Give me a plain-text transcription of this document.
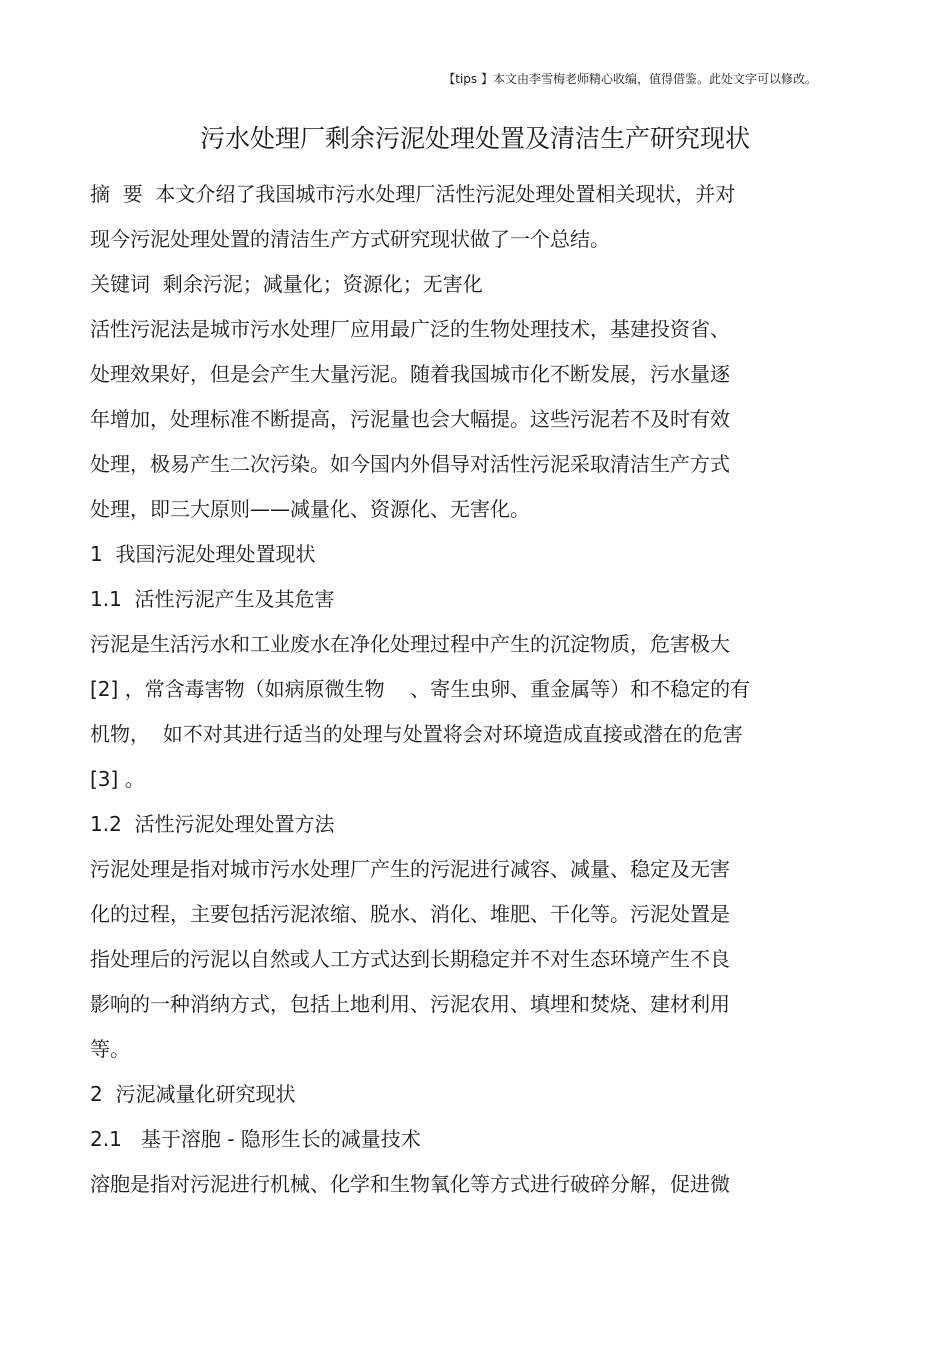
【tips 】本文由李雪梅老师精心收编，值得借鉴。此处文字可以修改。
污水处理厂剩余污泥处理处置及清洁生产研究现状
摘  要  本文介绍了我国城市污水处理厂活性污泥处理处置相关现状，并对
现今污泥处理处置的清洁生产方式研究现状做了一个总结。
关键词  剩余污泥；减量化；资源化；无害化
活性污泥法是城市污水处理厂应用最广泛的生物处理技术，基建投资省、
处理效果好，但是会产生大量污泥。随着我国城市化不断发展，污水量逐
年增加，处理标准不断提高，污泥量也会大幅提。这些污泥若不及时有效
处理，极易产生二次污染。如今国内外倡导对活性污泥采取清洁生产方式
处理，即三大原则——减量化、资源化、无害化。
1  我国污泥处理处置现状
1.1  活性污泥产生及其危害
污泥是生活污水和工业废水在净化处理过程中产生的沉淀物质，危害极大
[2] ，常含毒害物（如病原微生物    、寄生虫卵、重金属等）和不稳定的有
机物，  如不对其进行适当的处理与处置将会对环境造成直接或潜在的危害
[3] 。
1.2  活性污泥处理处置方法
污泥处理是指对城市污水处理厂产生的污泥进行减容、减量、稳定及无害
化的过程，主要包括污泥浓缩、脱水、消化、堆肥、干化等。污泥处置是
指处理后的污泥以自然或人工方式达到长期稳定并不对生态环境产生不良
影响的一种消纳方式，包括上地利用、污泥农用、填埋和焚烧、建材利用
等。
2  污泥减量化研究现状
2.1   基于溶胞 - 隐形生长的减量技术
溶胞是指对污泥进行机械、化学和生物氧化等方式进行破碎分解，促进微
